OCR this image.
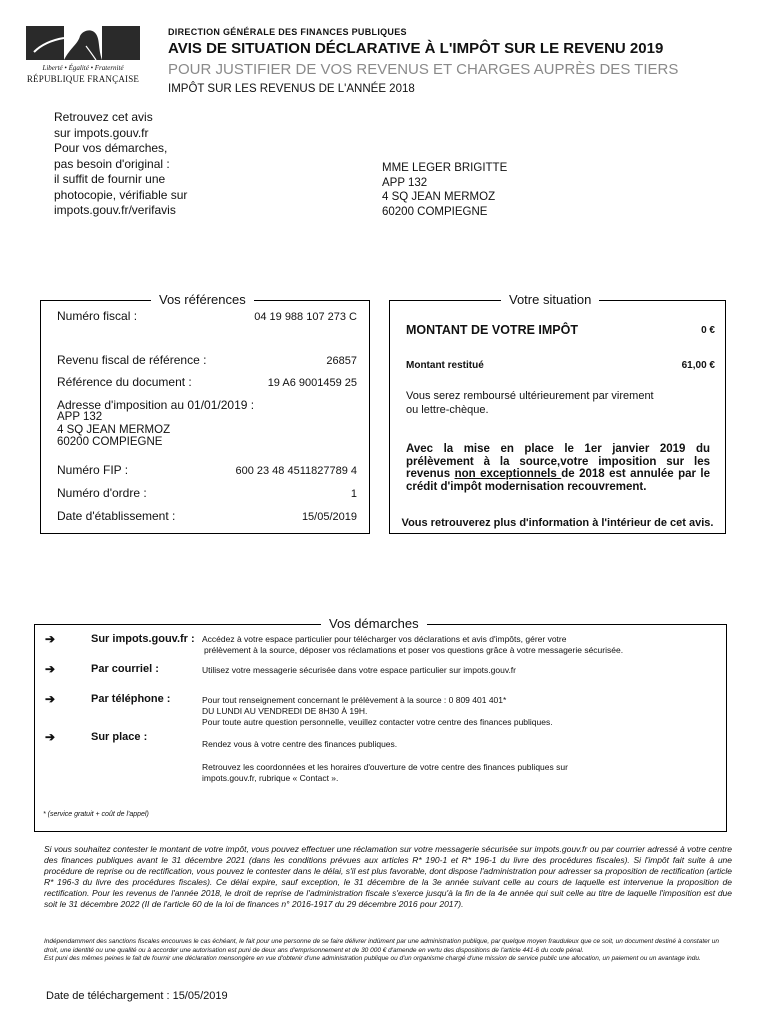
Liberté • Égalité • Fraternité
RÉPUBLIQUE FRANÇAISE
DIRECTION GÉNÉRALE DES FINANCES PUBLIQUES
AVIS DE SITUATION DÉCLARATIVE À L'IMPÔT SUR LE REVENU 2019
POUR JUSTIFIER DE VOS REVENUS ET CHARGES AUPRÈS DES TIERS
IMPÔT SUR LES REVENUS DE L'ANNÉE 2018
Retrouvez cet avis
sur impots.gouv.fr
Pour vos démarches,
pas besoin d'original :
il suffit de fournir une
photocopie, vérifiable sur
impots.gouv.fr/verifavis
MME LEGER BRIGITTE
APP 132
4 SQ JEAN MERMOZ
60200 COMPIEGNE
Vos références
Numéro fiscal :	04 19 988 107 273 C
Revenu fiscal de référence :	26857
Référence du document :	19 A6 9001459 25
Adresse d'imposition au 01/01/2019 :
APP 132
4 SQ JEAN MERMOZ
60200 COMPIEGNE
Numéro FIP :	600 23 48 4511827789 4
Numéro d'ordre :	1
Date d'établissement :	15/05/2019
Votre situation
MONTANT DE VOTRE IMPÔT	0 €
Montant restitué	61,00 €
Vous serez remboursé ultérieurement par virement
ou lettre-chèque.
Avec la mise en place le 1er janvier 2019 du prélèvement à la source,votre imposition sur les revenus non exceptionnels de 2018 est annulée par le crédit d'impôt modernisation recouvrement.
Vous retrouverez plus d'information à l'intérieur de cet avis.
Vos démarches
➔	Sur impots.gouv.fr : Accédez à votre espace particulier pour télécharger vos déclarations et avis d'impôts, gérer votre
prélèvement à la source, déposer vos réclamations et poser vos questions grâce à votre messagerie sécurisée.
➔	Par courriel :	Utilisez votre messagerie sécurisée dans votre espace particulier sur impots.gouv.fr
➔	Par téléphone :	Pour tout renseignement concernant le prélèvement à la source : 0 809 401 401*
DU LUNDI AU VENDREDI DE 8H30 À 19H.
Pour toute autre question personnelle, veuillez contacter votre centre des finances publiques.
➔	Sur place :
Rendez vous à votre centre des finances publiques.
Retrouvez les coordonnées et les horaires d'ouverture de votre centre des finances publiques sur
impots.gouv.fr, rubrique « Contact ».
* (service gratuit + coût de l'appel)
Si vous souhaitez contester le montant de votre impôt, vous pouvez effectuer une réclamation sur votre messagerie sécurisée sur impots.gouv.fr ou par courrier adressé à votre centre des finances publiques avant le 31 décembre 2021 (dans les conditions prévues aux articles R* 190-1 et R* 196-1 du livre des procédures fiscales). Si l'impôt fait suite à une procédure de reprise ou de rectification, vous pouvez le contester dans le délai, s'il est plus favorable, dont dispose l'administration pour adresser sa proposition de rectification (article R* 196-3 du livre des procédures fiscales). Ce délai expire, sauf exception, le 31 décembre de la 3e année suivant celle au cours de laquelle est intervenue la proposition de rectification. Pour les revenus de l'année 2018, le droit de reprise de l'administration fiscale s'exerce jusqu'à la fin de la 4e année qui suit celle au titre de laquelle l'imposition est due soit le 31 décembre 2022 (II de l'article 60 de la loi de finances n° 2016-1917 du 29 décembre 2016 pour 2017).
Indépendamment des sanctions fiscales encourues le cas échéant, le fait pour une personne de se faire délivrer indûment par une administration publique, par quelque moyen frauduleux que ce soit, un document destiné à constater un droit, une identité ou une qualité ou à accorder une autorisation est puni de deux ans d'emprisonnement et de 30 000 € d'amende en vertu des dispositions de l'article 441-6 du code pénal.
Est puni des mêmes peines le fait de fournir une déclaration mensongère en vue d'obtenir d'une administration publique ou d'un organisme chargé d'une mission de service public une allocation, un paiement ou un avantage indu.
Date de téléchargement : 15/05/2019
